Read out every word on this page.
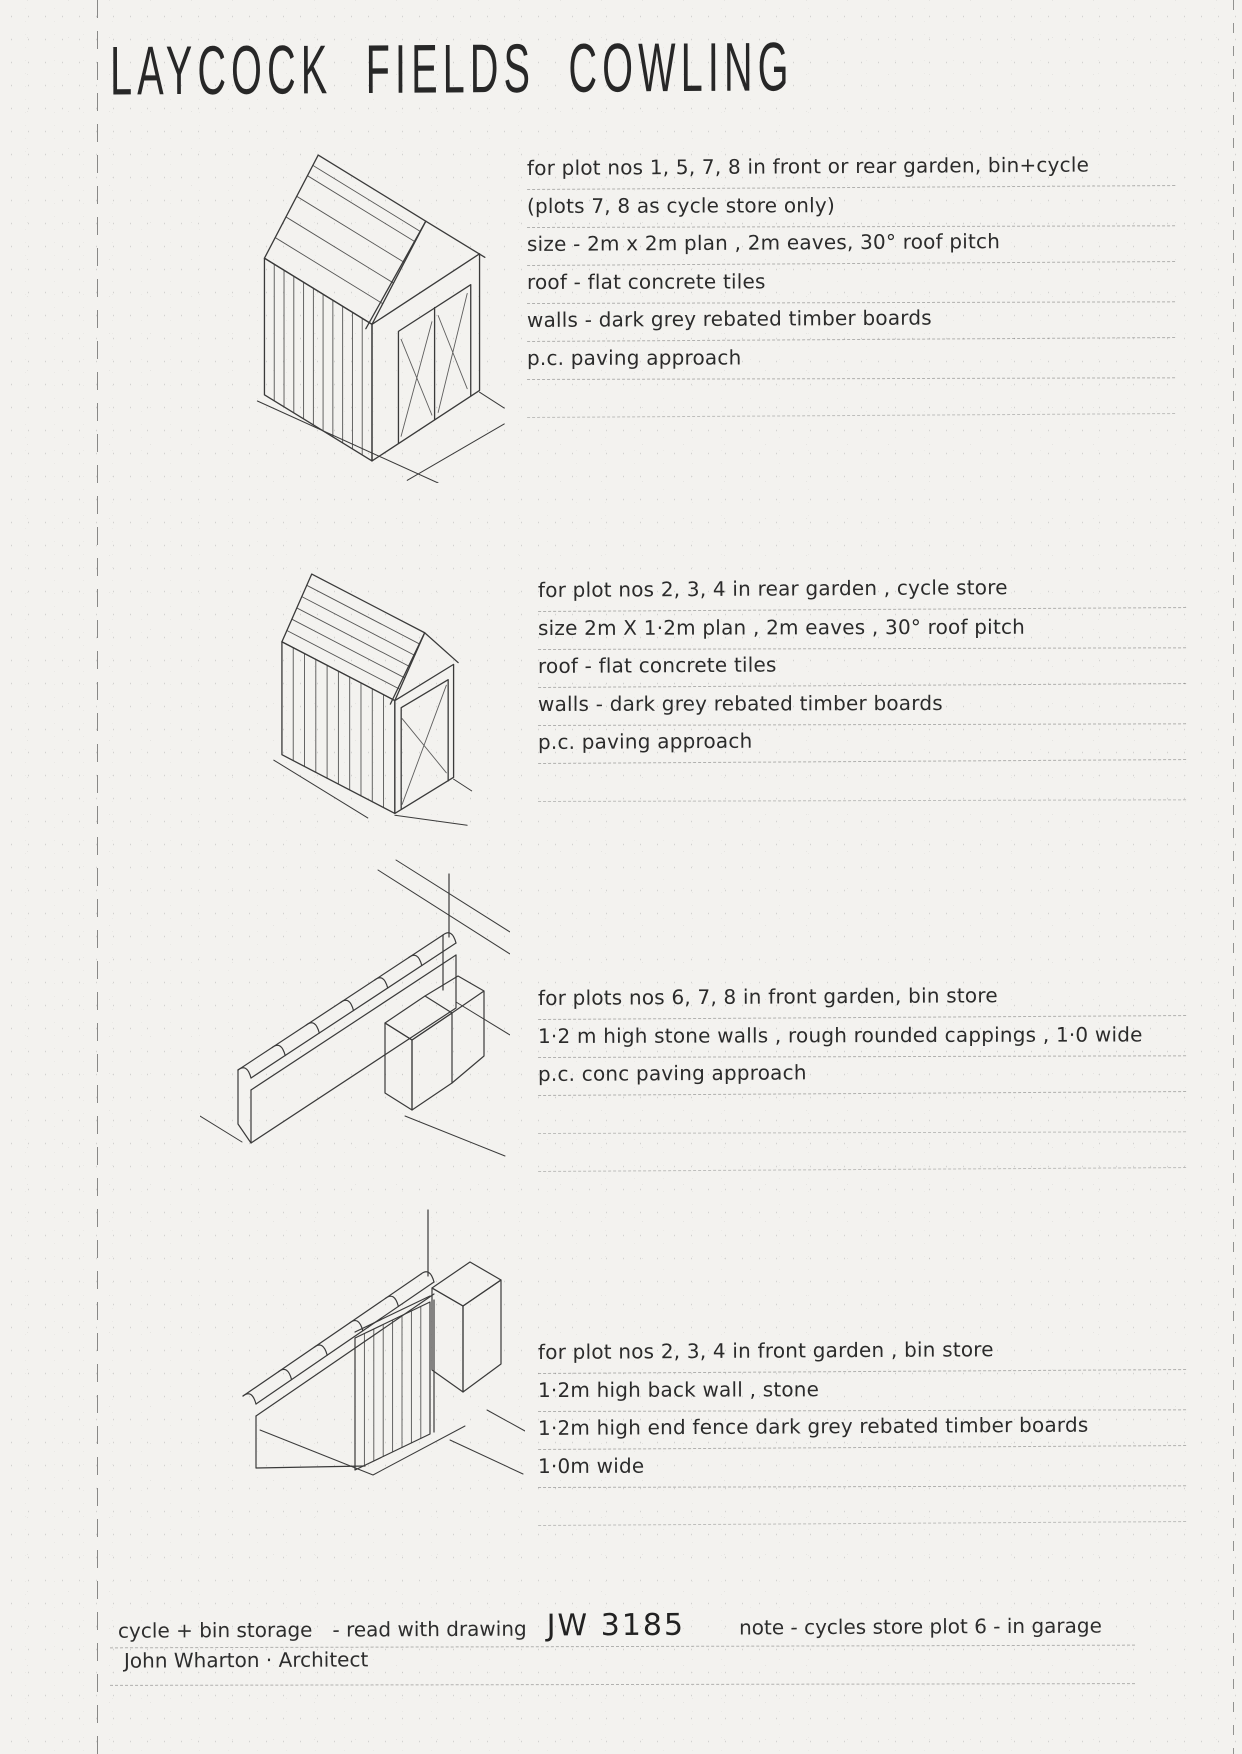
LAYCOCK FIELDS COWLING
for plot nos 1, 5, 7, 8 in front or rear garden, bin+cycle
(plots 7, 8 as cycle store only)
size - 2m x 2m plan , 2m eaves, 30° roof pitch
roof - flat concrete tiles
walls - dark grey rebated timber boards
p.c. paving approach
for plot nos 2, 3, 4 in rear garden , cycle store
size 2m X 1·2m plan , 2m eaves , 30° roof pitch
roof - flat concrete tiles
walls - dark grey rebated timber boards
p.c. paving approach
for plots nos 6, 7, 8 in front garden, bin store
1·2 m high stone walls , rough rounded cappings , 1·0 wide
p.c. conc paving approach
for plot nos 2, 3, 4 in front garden , bin store
1·2m high back wall , stone
1·2m high end fence dark grey rebated timber boards
1·0m wide
cycle + bin storage - read with drawing JW 3185	note - cycles store plot 6 - in garage
John Wharton · Architect
